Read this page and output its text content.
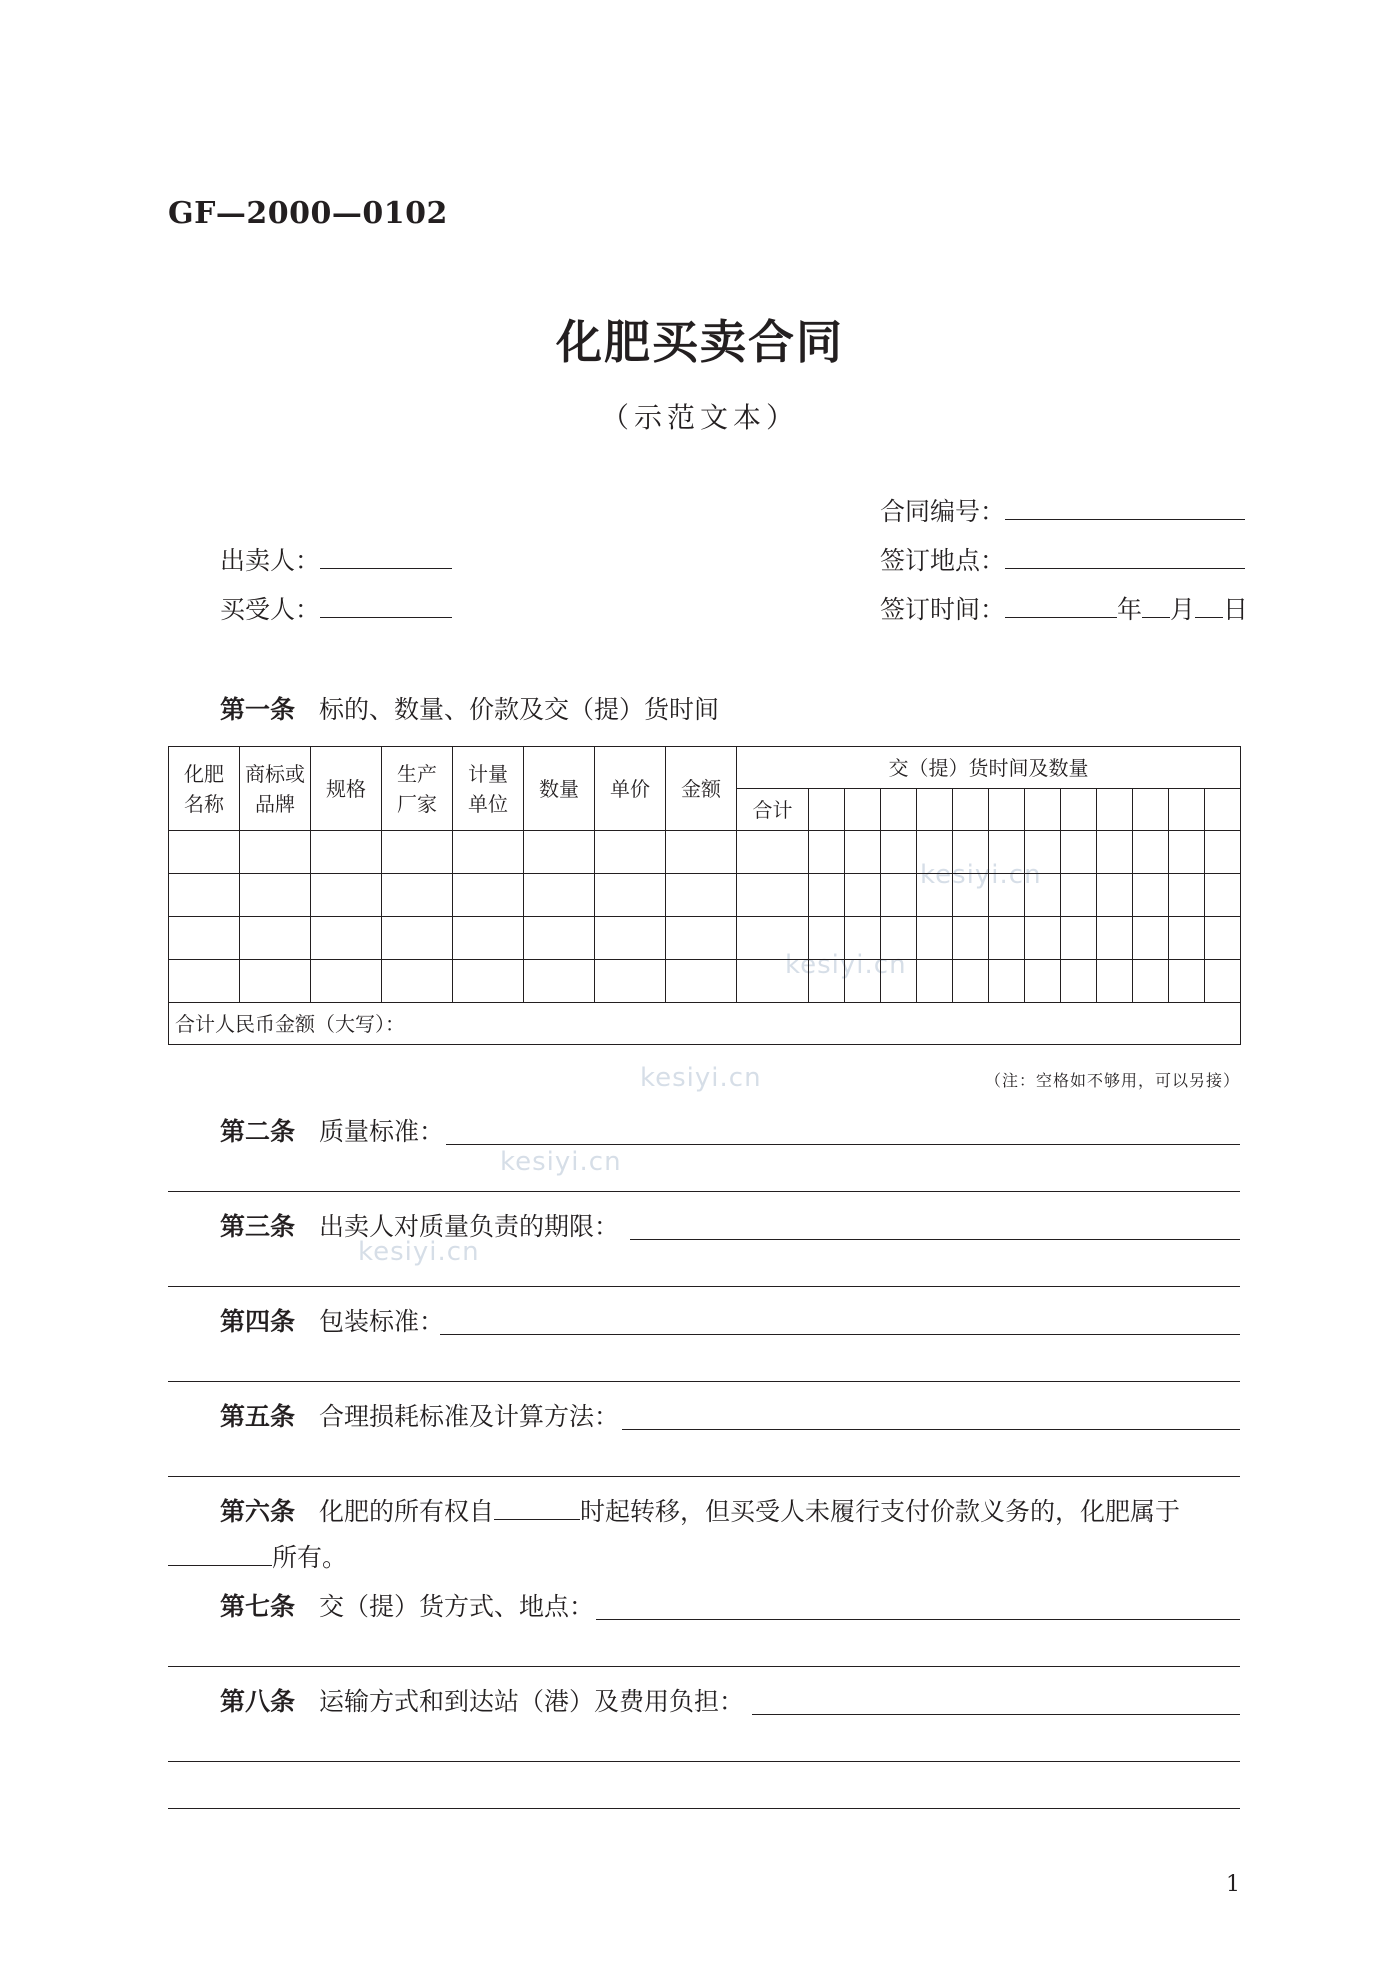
kesiyi.cn
kesiyi.cn
kesiyi.cn
kesiyi.cn
kesiyi.cn
GF—2000—0102
化肥买卖合同
（示范文本）
合同编号：
签订地点：
签订时间：	年 月 日
出卖人：
买受人：
第一条 标的、数量、价款及交（提）货时间
化肥名称	商标或品牌	规格	生产厂家	计量单位	数量	单价	金额	交（提）货时间及数量												
								合计												

合计人民币金额（大写）：																				
（注：空格如不够用，可以另接）
第二条 质量标准：
第三条 出卖人对质量负责的期限：
第四条 包装标准：
第五条 合理损耗标准及计算方法：
第六条 化肥的所有权自	时起转移，但买受人未履行支付价款义务的，化肥属于
所有。
第七条 交（提）货方式、地点：
第八条 运输方式和到达站（港）及费用负担：
1
